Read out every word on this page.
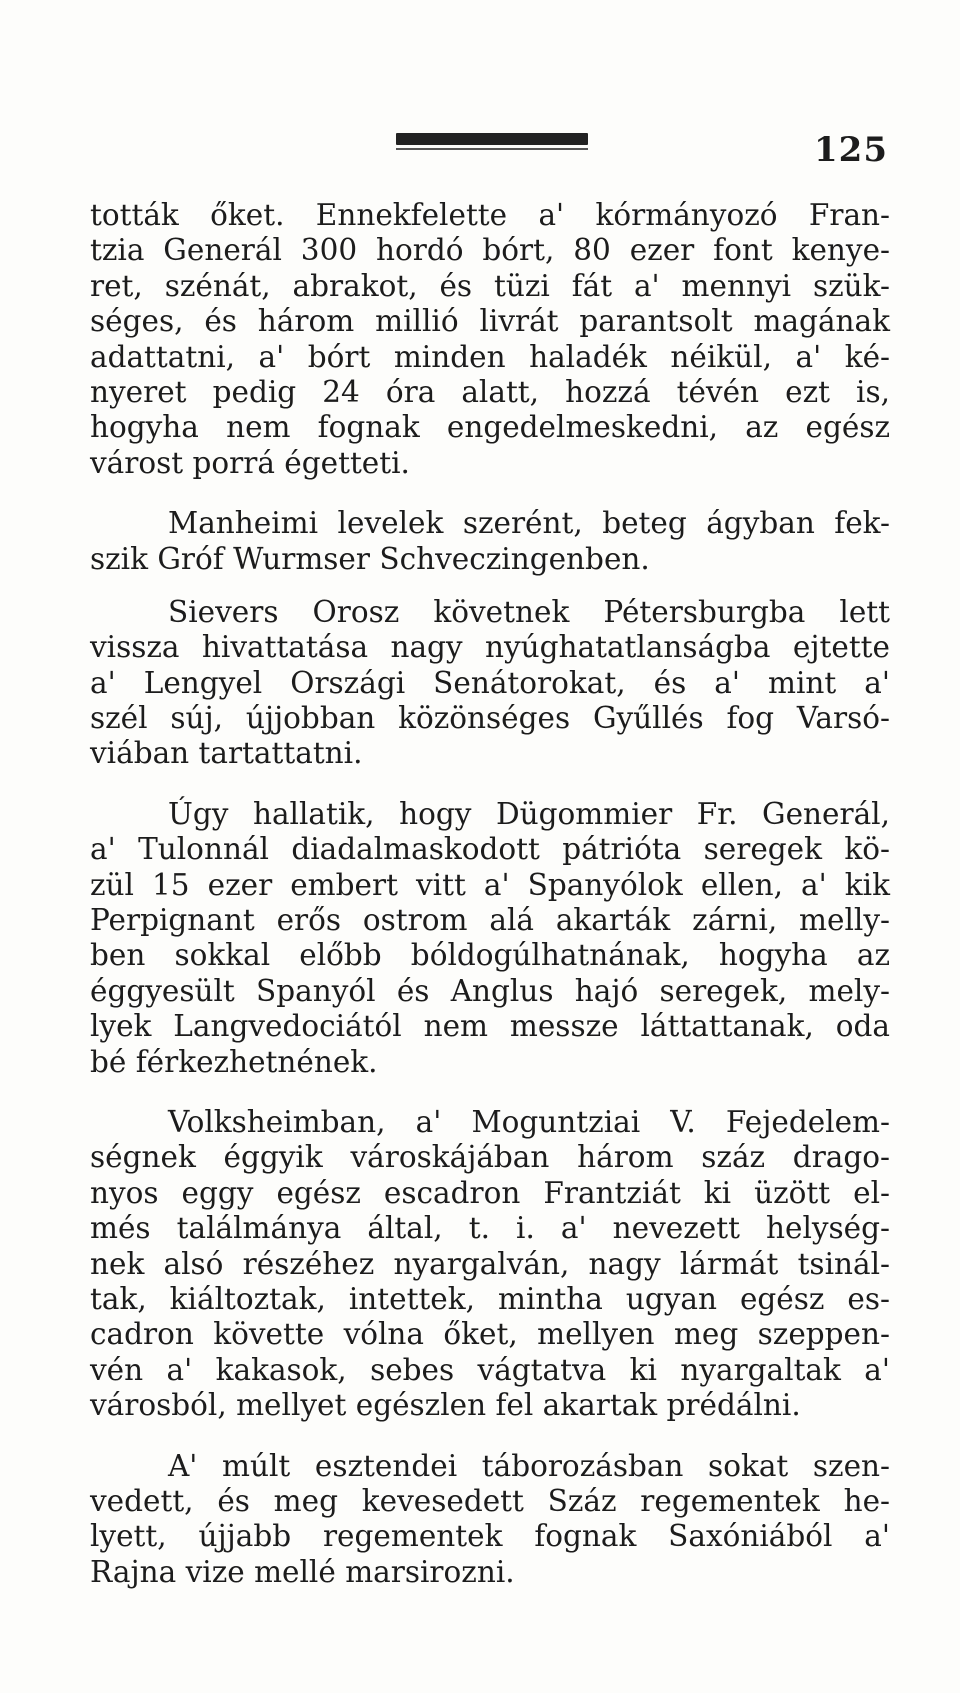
125
tották őket. Ennekfelette a' kórmányozó Fran-
tzia Generál 300 hordó bórt, 80 ezer font kenye-
ret, szénát, abrakot, és tüzi fát a' mennyi szük-
séges, és három millió livrát parantsolt magának
adattatni, a' bórt minden haladék néikül, a' ké-
nyeret pedig 24 óra alatt, hozzá tévén ezt is,
hogyha nem fognak engedelmeskedni, az egész
várost porrá égetteti.
Manheimi levelek szerént, beteg ágyban fek-
szik Gróf Wurmser Schveczingenben.
Sievers Orosz követnek Pétersburgba lett
vissza hivattatása nagy nyúghatatlanságba ejtette
a' Lengyel Országi Senátorokat, és a' mint a'
szél súj, újjobban közönséges Gyűllés fog Varsó-
viában tartattatni.
Úgy hallatik, hogy Dügommier Fr. Generál,
a' Tulonnál diadalmaskodott pátrióta seregek kö-
zül 15 ezer embert vitt a' Spanyólok ellen, a' kik
Perpignant erős ostrom alá akarták zárni, melly-
ben sokkal előbb bóldogúlhatnának, hogyha az
éggyesült Spanyól és Anglus hajó seregek, mely-
lyek Langvedociától nem messze láttattanak, oda
bé férkezhetnének.
Volksheimban, a' Moguntziai V. Fejedelem-
ségnek éggyik városkájában három száz drago-
nyos eggy egész escadron Frantziát ki üzött el-
més találmánya által, t. i. a' nevezett helység-
nek alsó részéhez nyargalván, nagy lármát tsinál-
tak, kiáltoztak, intettek, mintha ugyan egész es-
cadron követte vólna őket, mellyen meg szeppen-
vén a' kakasok, sebes vágtatva ki nyargaltak a'
városból, mellyet egészlen fel akartak prédálni.
A' múlt esztendei táborozásban sokat szen-
vedett, és meg kevesedett Száz regementek he-
lyett, újjabb regementek fognak Saxóniából a'
Rajna vize mellé marsirozni.
